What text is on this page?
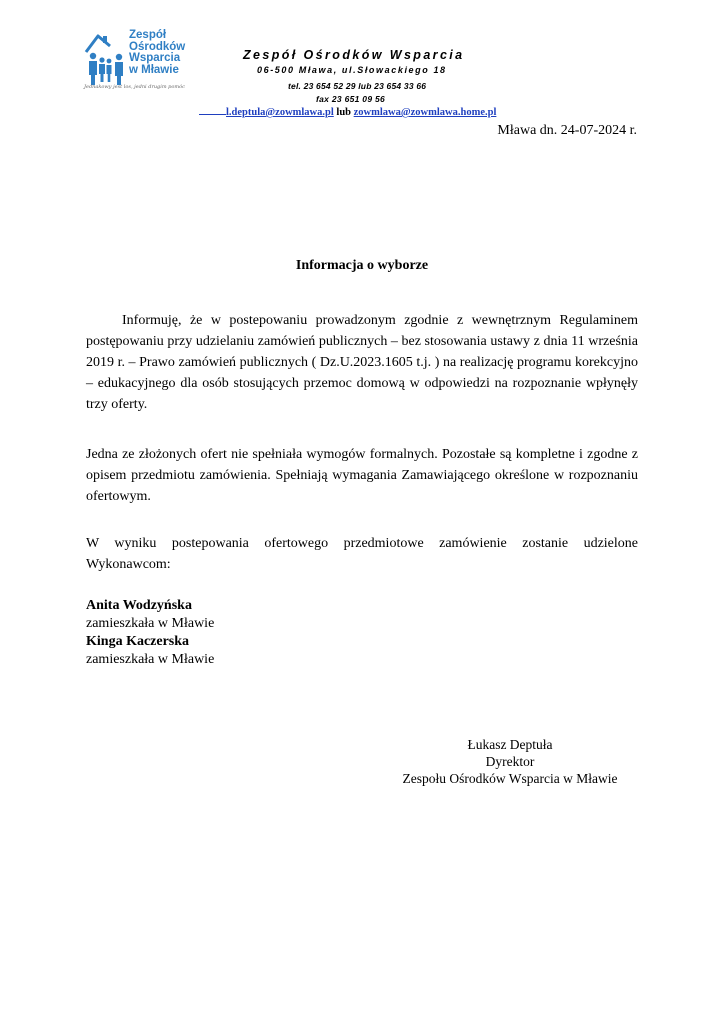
Zespół
Ośrodków
Wsparcia
w Mławie
Jednakowy jest los, jedni drugim pomóc
Zespół Ośrodków Wsparcia
06-500 Mława, ul.Słowackiego 18
tel. 23 654 52 29 lub 23 654 33 66
fax 23 651 09 56
l.deptula@zowmlawa.pl lub zowmlawa@zowmlawa.home.pl
Mława dn. 24-07-2024 r.
Informacja o wyborze

Informuję, że w postepowaniu prowadzonym zgodnie z wewnętrznym Regulaminem postępowaniu przy udzielaniu zamówień publicznych – bez stosowania ustawy z dnia 11 września 2019 r. – Prawo zamówień publicznych ( Dz.U.2023.1605 t.j. ) na realizację programu korekcyjno – edukacyjnego dla osób stosujących przemoc domową w odpowiedzi na rozpoznanie wpłynęły trzy oferty.

Jedna ze złożonych ofert nie spełniała wymogów formalnych. Pozostałe są kompletne i zgodne z opisem przedmiotu zamówienia. Spełniają wymagania Zamawiającego określone w rozpoznaniu ofertowym.

W wyniku postepowania ofertowego przedmiotowe zamówienie zostanie udzielone Wykonawcom:

Anita Wodzyńska
zamieszkała w Mławie
Kinga Kaczerska
zamieszkała w Mławie
Łukasz Deptuła
Dyrektor
Zespołu Ośrodków Wsparcia w Mławie
